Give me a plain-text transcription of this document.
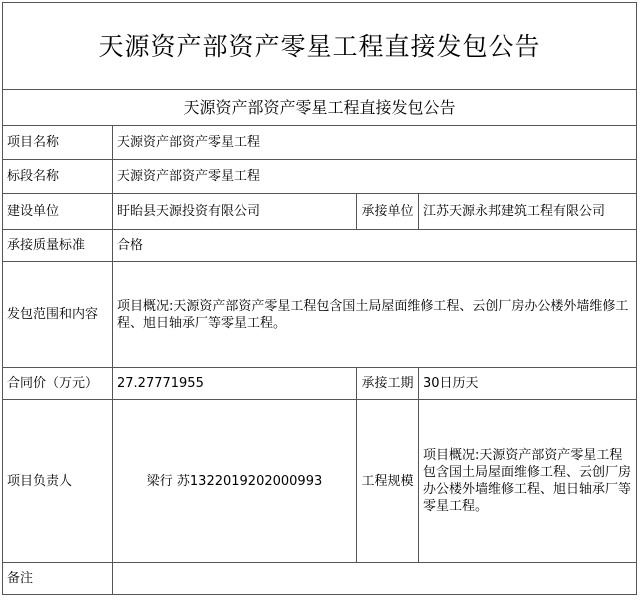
天源资产部资产零星工程直接发包公告			
天源资产部资产零星工程直接发包公告			
项目名称	天源资产部资产零星工程		
标段名称	天源资产部资产零星工程		
建设单位	盱眙县天源投资有限公司	承接单位	江苏天源永邦建筑工程有限公司
承接质量标准	合格		
发包范围和内容	项目概况:天源资产部资产零星工程包含国土局屋面维修工程、云创厂房办公楼外墙维修工程、旭日轴承厂等零星工程。		
合同价（万元）	27.27771955	承接工期	30日历天
项目负责人	梁行 苏1322019202000993	工程规模	项目概况:天源资产部资产零星工程包含国土局屋面维修工程、云创厂房办公楼外墙维修工程、旭日轴承厂等零星工程。
备注			
